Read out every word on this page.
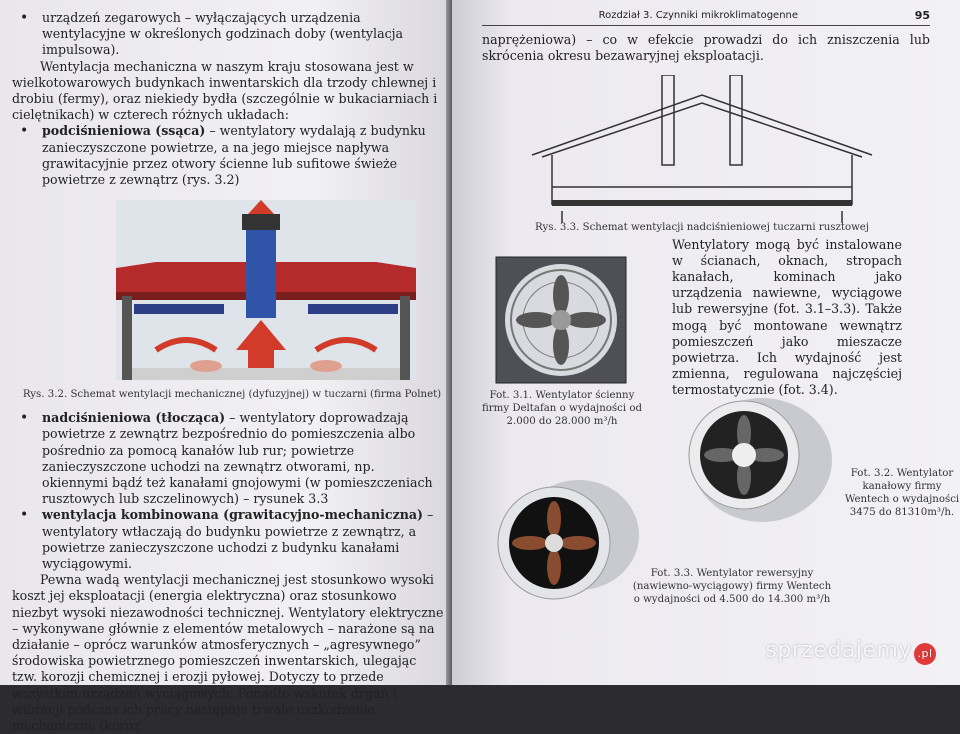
• urządzeń zegarowych – wyłączających urządzenia wentylacyjne w określonych godzinach doby (wentylacja impulsowa).

Wentylacja mechaniczna w naszym kraju stosowana jest w wielkotowarowych budynkach inwentarskich dla trzody chlewnej i drobiu (fermy), oraz niekiedy bydła (szczególnie w bukaciarniach i cielętnikach) w czterech różnych układach:

• podciśnieniowa (ssąca) – wentylatory wydalają z budynku zanieczyszczone powietrze, a na jego miejsce napływa grawitacyjnie przez otwory ścienne lub sufitowe świeże powietrze z zewnątrz (rys. 3.2)

Rys. 3.2. Schemat wentylacji mechanicznej (dyfuzyjnej) w tuczarni (firma Polnet)

• nadciśnieniowa (tłocząca) – wentylatory doprowadzają powietrze z zewnątrz bezpośrednio do pomieszczenia albo pośrednio za pomocą kanałów lub rur; powietrze zanieczyszczone uchodzi na zewnątrz otworami, np. okiennymi bądź też kanałami gnojowymi (w pomieszczeniach rusztowych lub szczelinowych) – rysunek 3.3

• wentylacja kombinowana (grawitacyjno-mechaniczna) – wentylatory wtłaczają do budynku powietrze z zewnątrz, a powietrze zanieczyszczone uchodzi z budynku kanałami wyciągowymi.

Pewna wadą wentylacji mechanicznej jest stosunkowo wysoki koszt jej eksploatacji (energia elektryczna) oraz stosunkowo niezbyt wysoki niezawodności technicznej. Wentylatory elektryczne – wykonywane głównie z elementów metalowych – narażone są na działanie – oprócz warunków atmosferycznych – „agresywnego” środowiska powietrznego pomieszczeń inwentarskich, ulegając tzw. korozji chemicznej i erozji pyłowej. Dotyczy to przede wszystkim urządzeń wyciągowych. Ponadto wskutek drgań i wibracji podczas ich pracy następuje trwałe uszkodzenie mechaniczne (koroz

Rozdział 3. Czynniki mikroklimatogenne	95

naprężeniowa) – co w efekcie prowadzi do ich zniszczenia lub skrócenia okresu bezawaryjnej eksploatacji.

Rys. 3.3. Schemat wentylacji nadciśnieniowej tuczarni rusztowej

Fot. 3.1. Wentylator ścienny firmy Deltafan o wydajności od 2.000 do 28.000 m³/h

Wentylatory mogą być instalowane w ścianach, oknach, stropach kanałach, kominach jako urządzenia nawiewne, wyciągowe lub rewersyjne (fot. 3.1–3.3). Także mogą być montowane wewnątrz pomieszczeń jako mieszacze powietrza. Ich wydajność jest zmienna, regulowana najczęściej termostatycznie (fot. 3.4).

Fot. 3.2. Wentylator kanałowy firmy Wentech o wydajności 3475 do 81310m³/h.

Fot. 3.3. Wentylator rewersyjny (nawiewno-wyciągowy) firmy Wentech o wydajności od 4.500 do 14.300 m³/h

sprzedajemy .pl
